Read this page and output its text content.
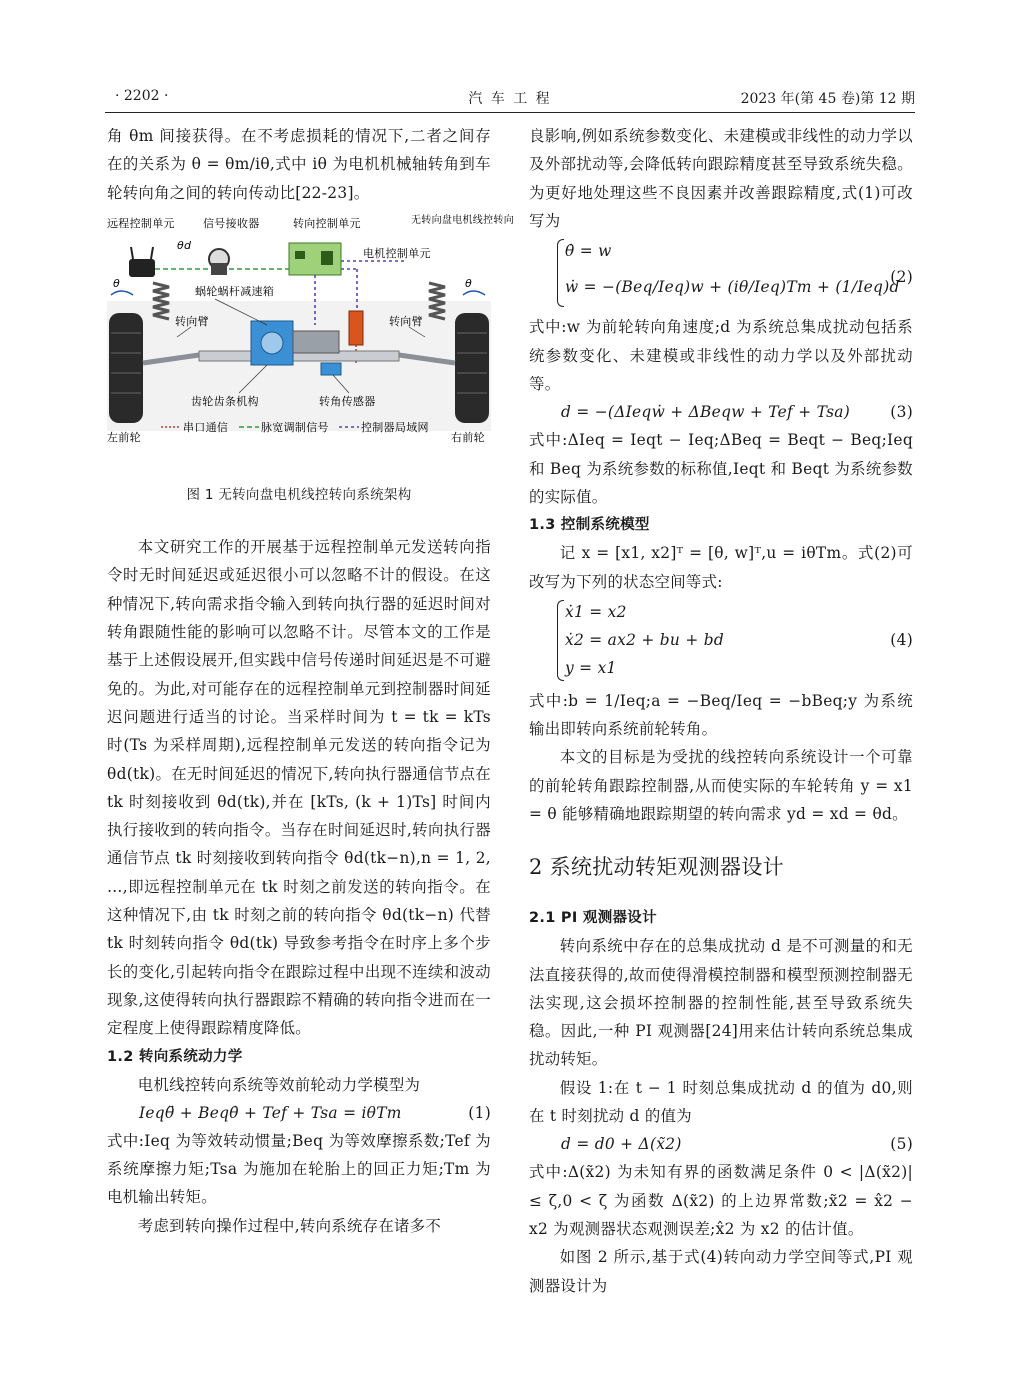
· 2202 ·	汽 车 工 程	2023 年(第 45 卷)第 12 期

角 θm 间接获得。在不考虑损耗的情况下,二者之间存在的关系为 θ = θm/iθ,式中 iθ 为电机机械轴转角到车轮转向角之间的转向传动比[22-23]。

远程控制单元	信号接收器	转向控制单元	无转向盘电机线控转向
电机控制单元
蜗轮蜗杆减速箱
转向臂	转向臂
齿轮齿条机构	转角传感器
左前轮	右前轮
θd
θ	θ
串口通信	脉宽调制信号	控制器局域网
图 1 无转向盘电机线控转向系统架构

本文研究工作的开展基于远程控制单元发送转向指令时无时间延迟或延迟很小可以忽略不计的假设。在这种情况下,转向需求指令输入到转向执行器的延迟时间对转角跟随性能的影响可以忽略不计。尽管本文的工作是基于上述假设展开,但实践中信号传递时间延迟是不可避免的。为此,对可能存在的远程控制单元到控制器时间延迟问题进行适当的讨论。当采样时间为 t = tk = kTs 时(Ts 为采样周期),远程控制单元发送的转向指令记为 θd(tk)。在无时间延迟的情况下,转向执行器通信节点在 tk 时刻接收到 θd(tk),并在 [kTs, (k + 1)Ts] 时间内执行接收到的转向指令。当存在时间延迟时,转向执行器通信节点 tk 时刻接收到转向指令 θd(tk−n),n = 1, 2, …,即远程控制单元在 tk 时刻之前发送的转向指令。在这种情况下,由 tk 时刻之前的转向指令 θd(tk−n) 代替 tk 时刻转向指令 θd(tk) 导致参考指令在时序上多个步长的变化,引起转向指令在跟踪过程中出现不连续和波动现象,这使得转向执行器跟踪不精确的转向指令进而在一定程度上使得跟踪精度降低。

1.2 转向系统动力学

电机线控转向系统等效前轮动力学模型为

Ieqθ̈ + Beqθ̇ + Tef + Tsa = iθTm	(1)

式中:Ieq 为等效转动惯量;Beq 为等效摩擦系数;Tef 为系统摩擦力矩;Tsa 为施加在轮胎上的回正力矩;Tm 为电机输出转矩。

考虑到转向操作过程中,转向系统存在诸多不

良影响,例如系统参数变化、未建模或非线性的动力学以及外部扰动等,会降低转向跟踪精度甚至导致系统失稳。为更好地处理这些不良因素并改善跟踪精度,式(1)可改写为

θ̇ = w
ẇ = −(Beq/Ieq)w + (iθ/Ieq)Tm + (1/Ieq)d
(2)

式中:w 为前轮转向角速度;d 为系统总集成扰动包括系统参数变化、未建模或非线性的动力学以及外部扰动等。

d = −(ΔIeqẇ + ΔBeqw + Tef + Tsa)	(3)

式中:ΔIeq = Ieqt − Ieq;ΔBeq = Beqt − Beq;Ieq 和 Beq 为系统参数的标称值,Ieqt 和 Beqt 为系统参数的实际值。

1.3 控制系统模型

记 x = [x1, x2]ᵀ = [θ, w]ᵀ,u = iθTm。式(2)可改写为下列的状态空间等式:

ẋ1 = x2
ẋ2 = ax2 + bu + bd
y = x1
(4)

式中:b = 1/Ieq;a = −Beq/Ieq = −bBeq;y 为系统输出即转向系统前轮转角。

本文的目标是为受扰的线控转向系统设计一个可靠的前轮转角跟踪控制器,从而使实际的车轮转角 y = x1 = θ 能够精确地跟踪期望的转向需求 yd = xd = θd。

2 系统扰动转矩观测器设计
2.1 PI 观测器设计

转向系统中存在的总集成扰动 d 是不可测量的和无法直接获得的,故而使得滑模控制器和模型预测控制器无法实现,这会损坏控制器的控制性能,甚至导致系统失稳。因此,一种 PI 观测器[24]用来估计转向系统总集成扰动转矩。

假设 1:在 t − 1 时刻总集成扰动 d 的值为 d0,则在 t 时刻扰动 d 的值为

d = d0 + Δ(x̃2)	(5)

式中:Δ(x̃2) 为未知有界的函数满足条件 0 < |Δ(x̃2)| ≤ ζ,0 < ζ 为函数 Δ(x̃2) 的上边界常数;x̃2 = x̂2 − x2 为观测器状态观测误差;x̂2 为 x2 的估计值。

如图 2 所示,基于式(4)转向动力学空间等式,PI 观测器设计为
